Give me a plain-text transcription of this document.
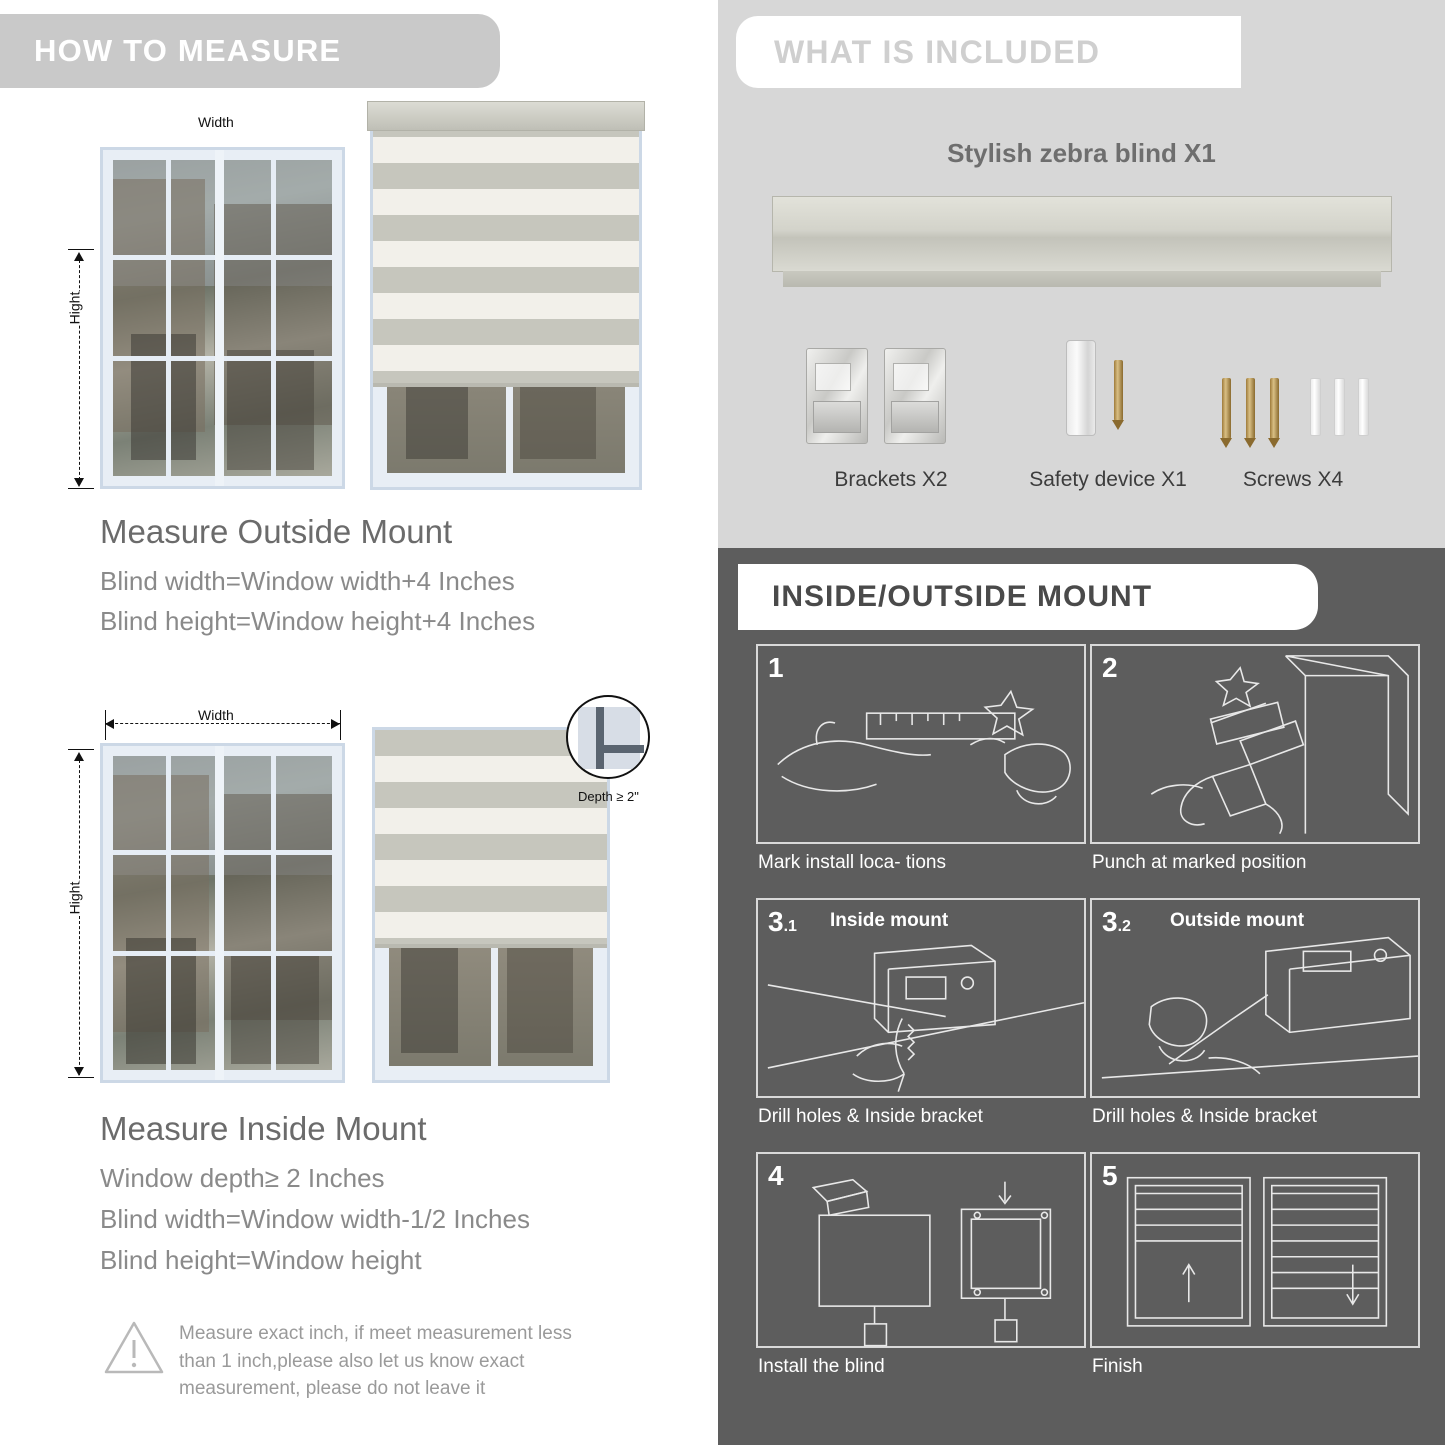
HOW TO MEASURE
Width
Hight
Measure Outside Mount
Blind width=Window width+4 Inches
Blind height=Window height+4 Inches
Width
Hight
Depth ≥ 2"
Measure Inside Mount
Window depth≥ 2 Inches
Blind width=Window width-1/2 Inches
Blind height=Window height
Measure exact inch, if meet measurement less
than 1 inch,please also let us know exact
measurement, please do not leave it
WHAT IS INCLUDED
Stylish zebra blind X1
Brackets X2	Safety device X1	Screws X4
INSIDE/OUTSIDE MOUNT
1
Mark install loca- tions
2
Punch at marked position
3.1 Inside mount
Drill holes & Inside bracket
3.2 Outside mount
Drill holes & Inside bracket
4
Install the blind
5
Finish
